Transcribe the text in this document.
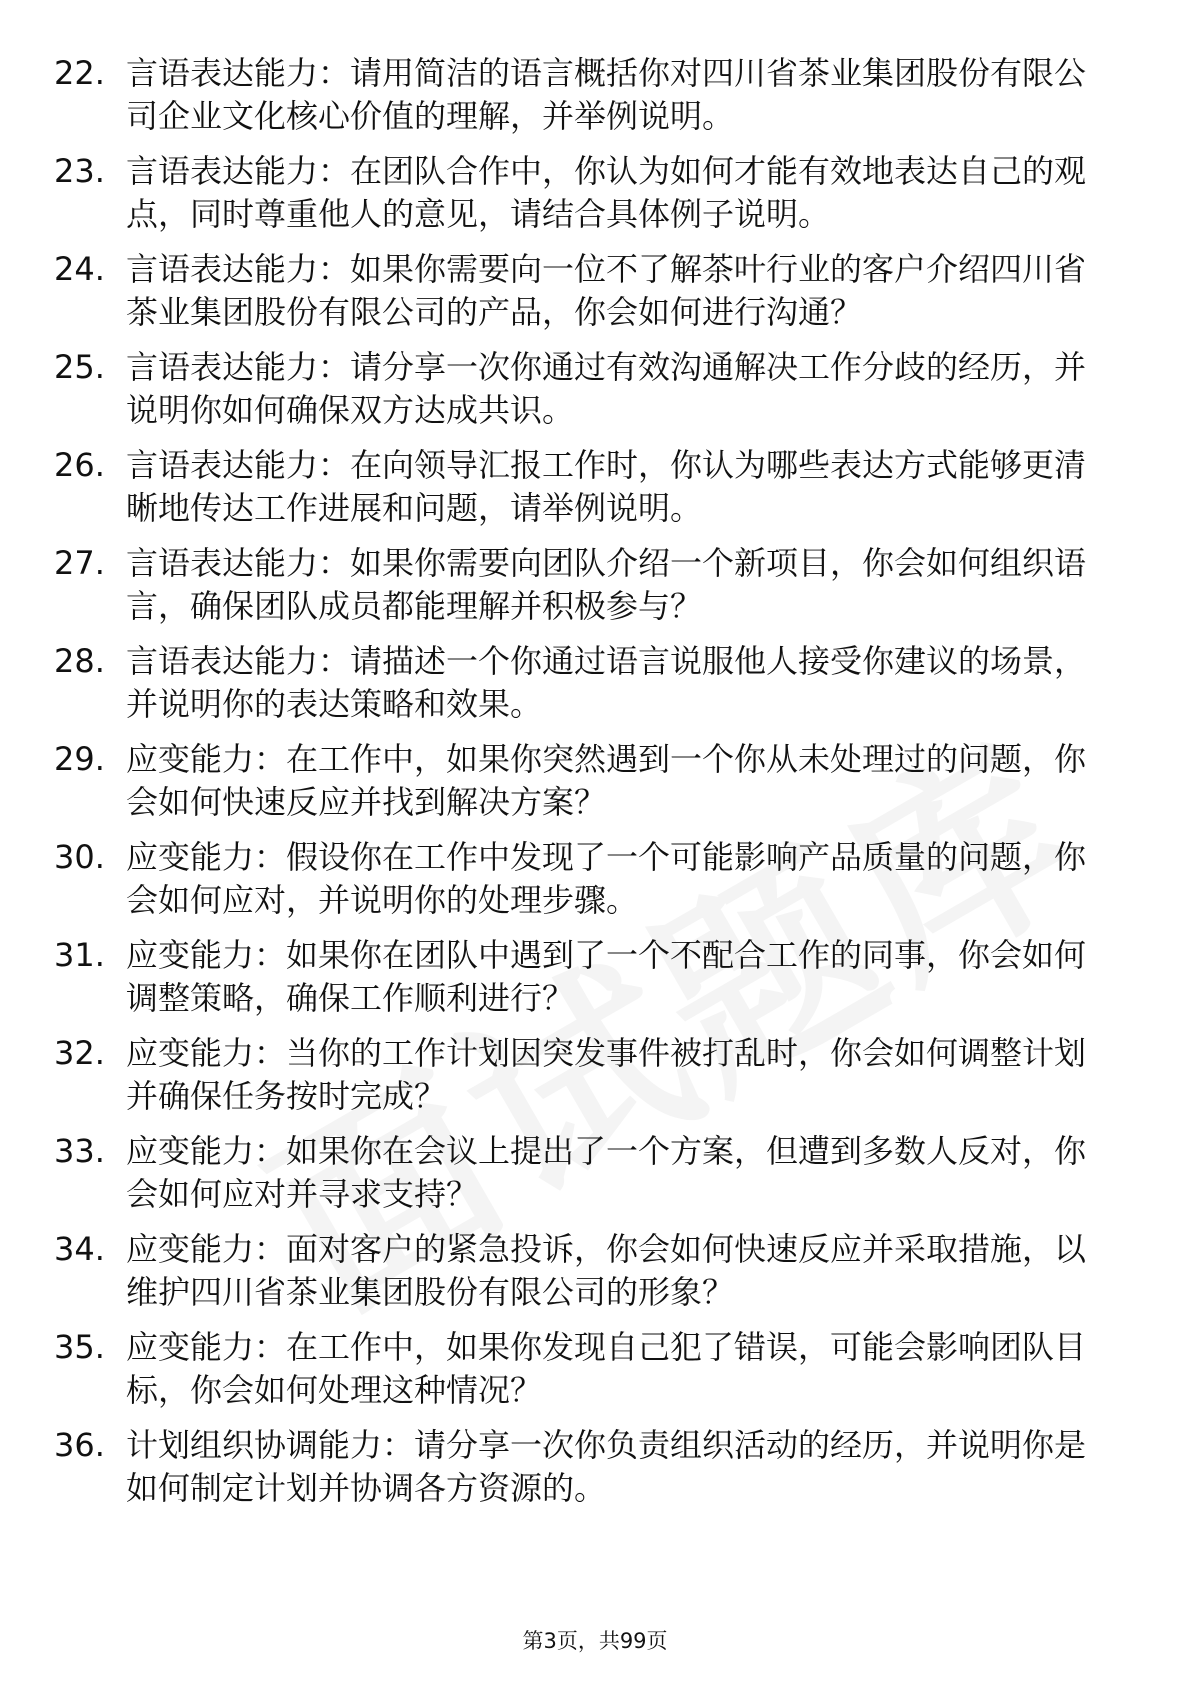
22. 言语表达能力：请用简洁的语言概括你对四川省茶业集团股份有限公司企业文化核心价值的理解，并举例说明。
23. 言语表达能力：在团队合作中，你认为如何才能有效地表达自己的观点，同时尊重他人的意见，请结合具体例子说明。
24. 言语表达能力：如果你需要向一位不了解茶叶行业的客户介绍四川省茶业集团股份有限公司的产品，你会如何进行沟通？
25. 言语表达能力：请分享一次你通过有效沟通解决工作分歧的经历，并说明你如何确保双方达成共识。
26. 言语表达能力：在向领导汇报工作时，你认为哪些表达方式能够更清晰地传达工作进展和问题，请举例说明。
27. 言语表达能力：如果你需要向团队介绍一个新项目，你会如何组织语言，确保团队成员都能理解并积极参与？
28. 言语表达能力：请描述一个你通过语言说服他人接受你建议的场景，并说明你的表达策略和效果。
29. 应变能力：在工作中，如果你突然遇到一个你从未处理过的问题，你会如何快速反应并找到解决方案？
30. 应变能力：假设你在工作中发现了一个可能影响产品质量的问题，你会如何应对，并说明你的处理步骤。
31. 应变能力：如果你在团队中遇到了一个不配合工作的同事，你会如何调整策略，确保工作顺利进行？
32. 应变能力：当你的工作计划因突发事件被打乱时，你会如何调整计划并确保任务按时完成？
33. 应变能力：如果你在会议上提出了一个方案，但遭到多数人反对，你会如何应对并寻求支持？
34. 应变能力：面对客户的紧急投诉，你会如何快速反应并采取措施，以维护四川省茶业集团股份有限公司的形象？
35. 应变能力：在工作中，如果你发现自己犯了错误，可能会影响团队目标，你会如何处理这种情况？
36. 计划组织协调能力：请分享一次你负责组织活动的经历，并说明你是如何制定计划并协调各方资源的。
第3页，共99页
